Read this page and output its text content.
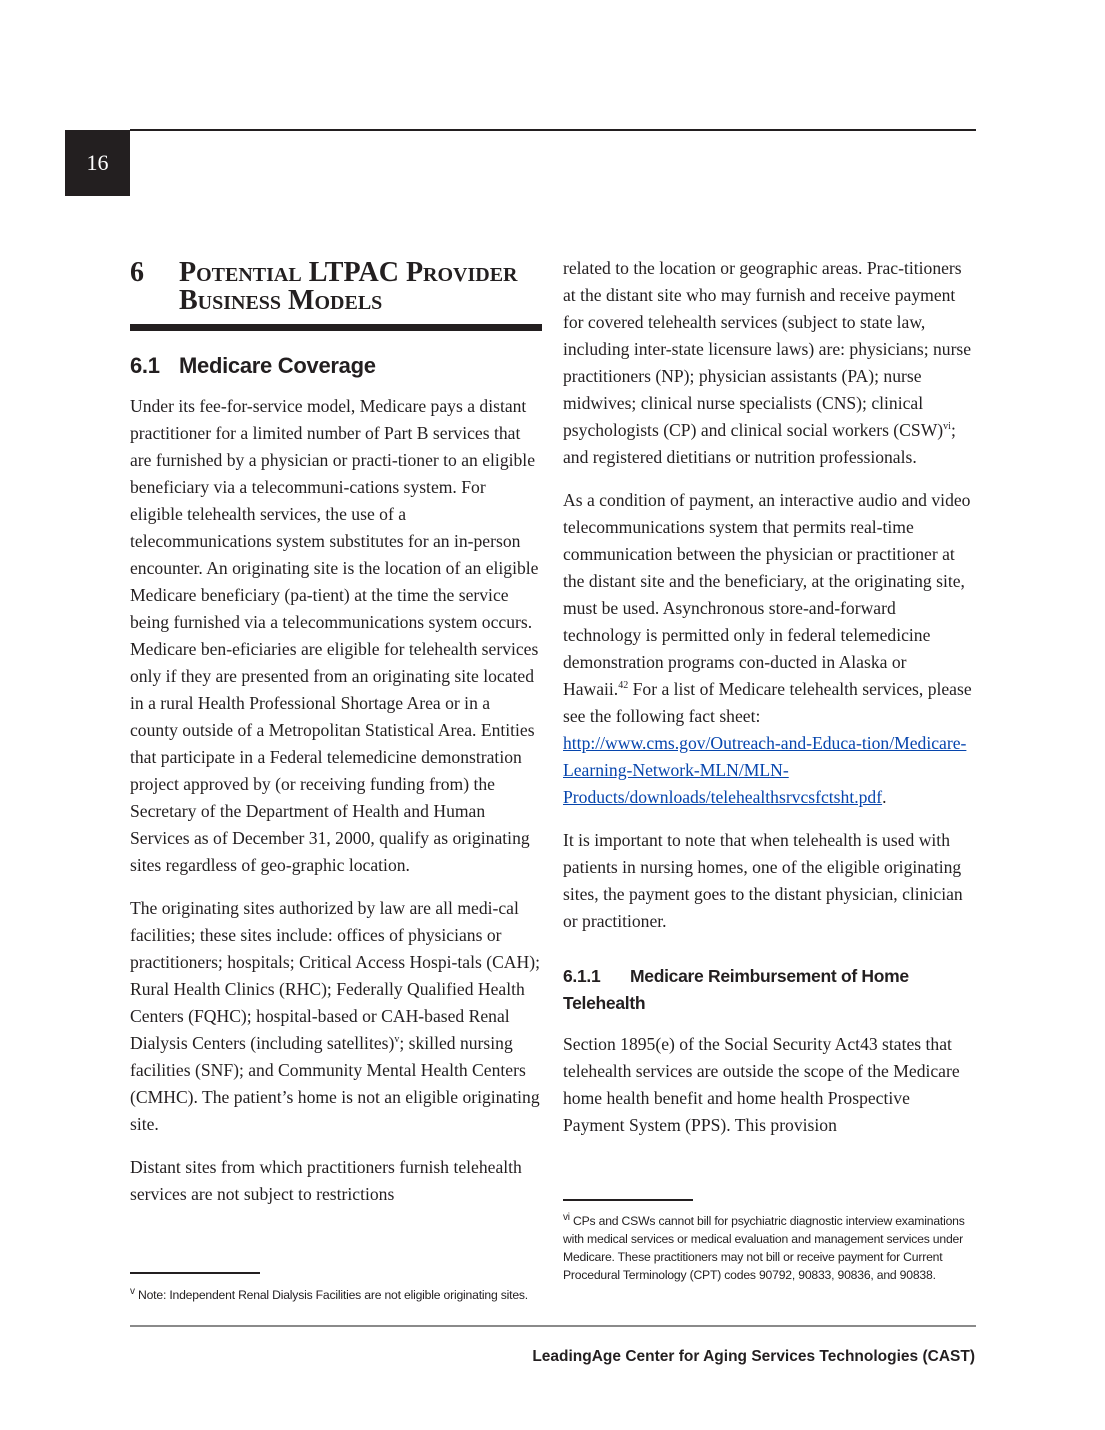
16
6	Potential LTPAC Provider
Business Models
6.1 Medicare Coverage

Under its fee-for-service model, Medicare pays a distant practitioner for a limited number of Part B services that are furnished by a physician or practi-tioner to an eligible beneficiary via a telecommuni-cations system. For eligible telehealth services, the use of a telecommunications system substitutes for an in-person encounter. An originating site is the location of an eligible Medicare beneficiary (pa-tient) at the time the service being furnished via a telecommunications system occurs. Medicare ben-eficiaries are eligible for telehealth services only if they are presented from an originating site located in a rural Health Professional Shortage Area or in a county outside of a Metropolitan Statistical Area. Entities that participate in a Federal telemedicine demonstration project approved by (or receiving funding from) the Secretary of the Department of Health and Human Services as of December 31, 2000, qualify as originating sites regardless of geo-graphic location.

The originating sites authorized by law are all medi-cal facilities; these sites include: offices of physicians or practitioners; hospitals; Critical Access Hospi-tals (CAH); Rural Health Clinics (RHC); Federally Qualified Health Centers (FQHC); hospital-based or CAH-based Renal Dialysis Centers (including satellites)$^v$; skilled nursing facilities (SNF); and Community Mental Health Centers (CMHC). The patient’s home is not an eligible originating site.

Distant sites from which practitioners furnish telehealth services are not subject to restrictions

$^v$ Note: Independent Renal Dialysis Facilities are not eligible originating sites.

related to the location or geographic areas. Prac-titioners at the distant site who may furnish and receive payment for covered telehealth services (subject to state law, including inter-state licensure laws) are: physicians; nurse practitioners (NP); physician assistants (PA); nurse midwives; clinical nurse specialists (CNS); clinical psychologists (CP) and clinical social workers (CSW)$^{vi}$; and registered dietitians or nutrition professionals.

As a condition of payment, an interactive audio and video telecommunications system that permits real-time communication between the physician or practitioner at the distant site and the beneficiary, at the originating site, must be used. Asynchronous store-and-forward technology is permitted only in federal telemedicine demonstration programs con-ducted in Alaska or Hawaii.$^{42}$ For a list of Medicare telehealth services, please see the following fact sheet: http://www.cms.gov/Outreach-and-Educa-tion/Medicare-Learning-Network-MLN/MLN-Products/downloads/telehealthsrvcsfctsht.pdf.

It is important to note that when telehealth is used with patients in nursing homes, one of the eligible originating sites, the payment goes to the distant physician, clinician or practitioner.

6.1.1 Medicare Reimbursement of Home Telehealth

Section 1895(e) of the Social Security Act43 states that telehealth services are outside the scope of the Medicare home health benefit and home health Prospective Payment System (PPS). This provision

$^{vi}$ CPs and CSWs cannot bill for psychiatric diagnostic interview examinations with medical services or medical evaluation and management services under Medicare. These practitioners may not bill or receive payment for Current Procedural Terminology (CPT) codes 90792, 90833, 90836, and 90838.
LeadingAge Center for Aging Services Technologies (CAST)
